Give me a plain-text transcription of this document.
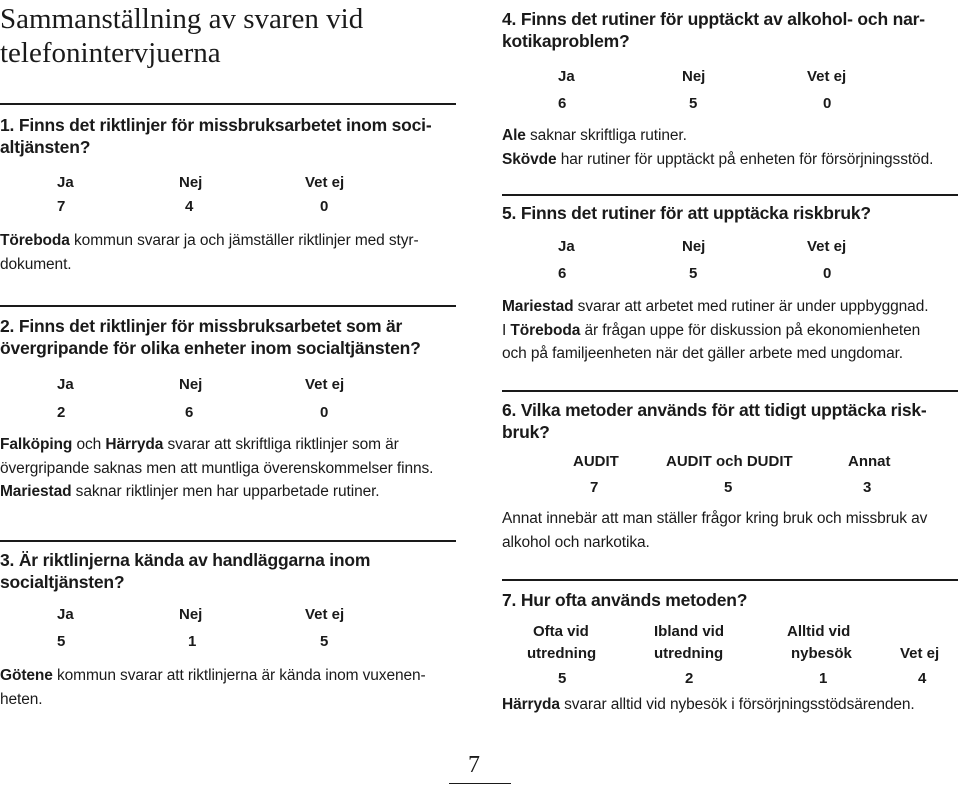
Sammanställning av svaren vid
telefonintervjuerna
1. Finns det riktlinjer för missbruksarbetet inom soci-
altjänsten?
Ja	Nej	Vet ej
7	4	0
Töreboda kommun svarar ja och jämställer riktlinjer med styr-
dokument.
2. Finns det riktlinjer för missbruksarbetet som är
övergripande för olika enheter inom socialtjänsten?
Ja	Nej	Vet ej
2	6	0
Falköping och Härryda svarar att skriftliga riktlinjer som är
övergripande saknas men att muntliga överenskommelser finns.
Mariestad saknar riktlinjer men har upparbetade rutiner.
3. Är riktlinjerna kända av handläggarna inom
socialtjänsten?
Ja	Nej	Vet ej
5	1	5
Götene kommun svarar att riktlinjerna är kända inom vuxenen-
heten.
4. Finns det rutiner för upptäckt av alkohol- och nar-
kotikaproblem?
Ja	Nej	Vet ej
6	5	0
Ale saknar skriftliga rutiner.
Skövde har rutiner för upptäckt på enheten för försörjningsstöd.
5. Finns det rutiner för att upptäcka riskbruk?
Ja	Nej	Vet ej
6	5	0
Mariestad svarar att arbetet med rutiner är under uppbyggnad.
I Töreboda är frågan uppe för diskussion på ekonomienheten
och på familjeenheten när det gäller arbete med ungdomar.
6. Vilka metoder används för att tidigt upptäcka risk-
bruk?
AUDIT	AUDIT och DUDIT	Annat
7	5	3
Annat innebär att man ställer frågor kring bruk och missbruk av
alkohol och narkotika.
7. Hur ofta används metoden?
Ofta vid	Ibland vid	Alltid vid
utredning	utredning	nybesök	Vet ej
5	2	1	4
Härryda svarar alltid vid nybesök i försörjningsstödsärenden.
7
